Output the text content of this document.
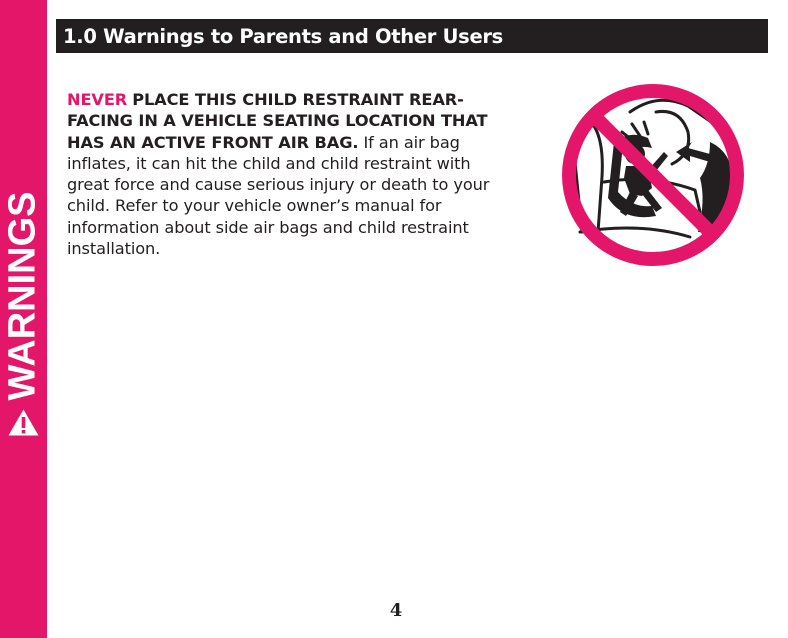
WARNINGS
1.0 Warnings to Parents and Other Users
NEVER PLACE THIS CHILD RESTRAINT REAR-FACING IN A VEHICLE SEATING LOCATION THAT HAS AN ACTIVE FRONT AIR BAG. If an air bag inflates, it can hit the child and child restraint with great force and cause serious injury or death to your child. Refer to your vehicle owner’s manual for information about side air bags and child restraint installation.
4
